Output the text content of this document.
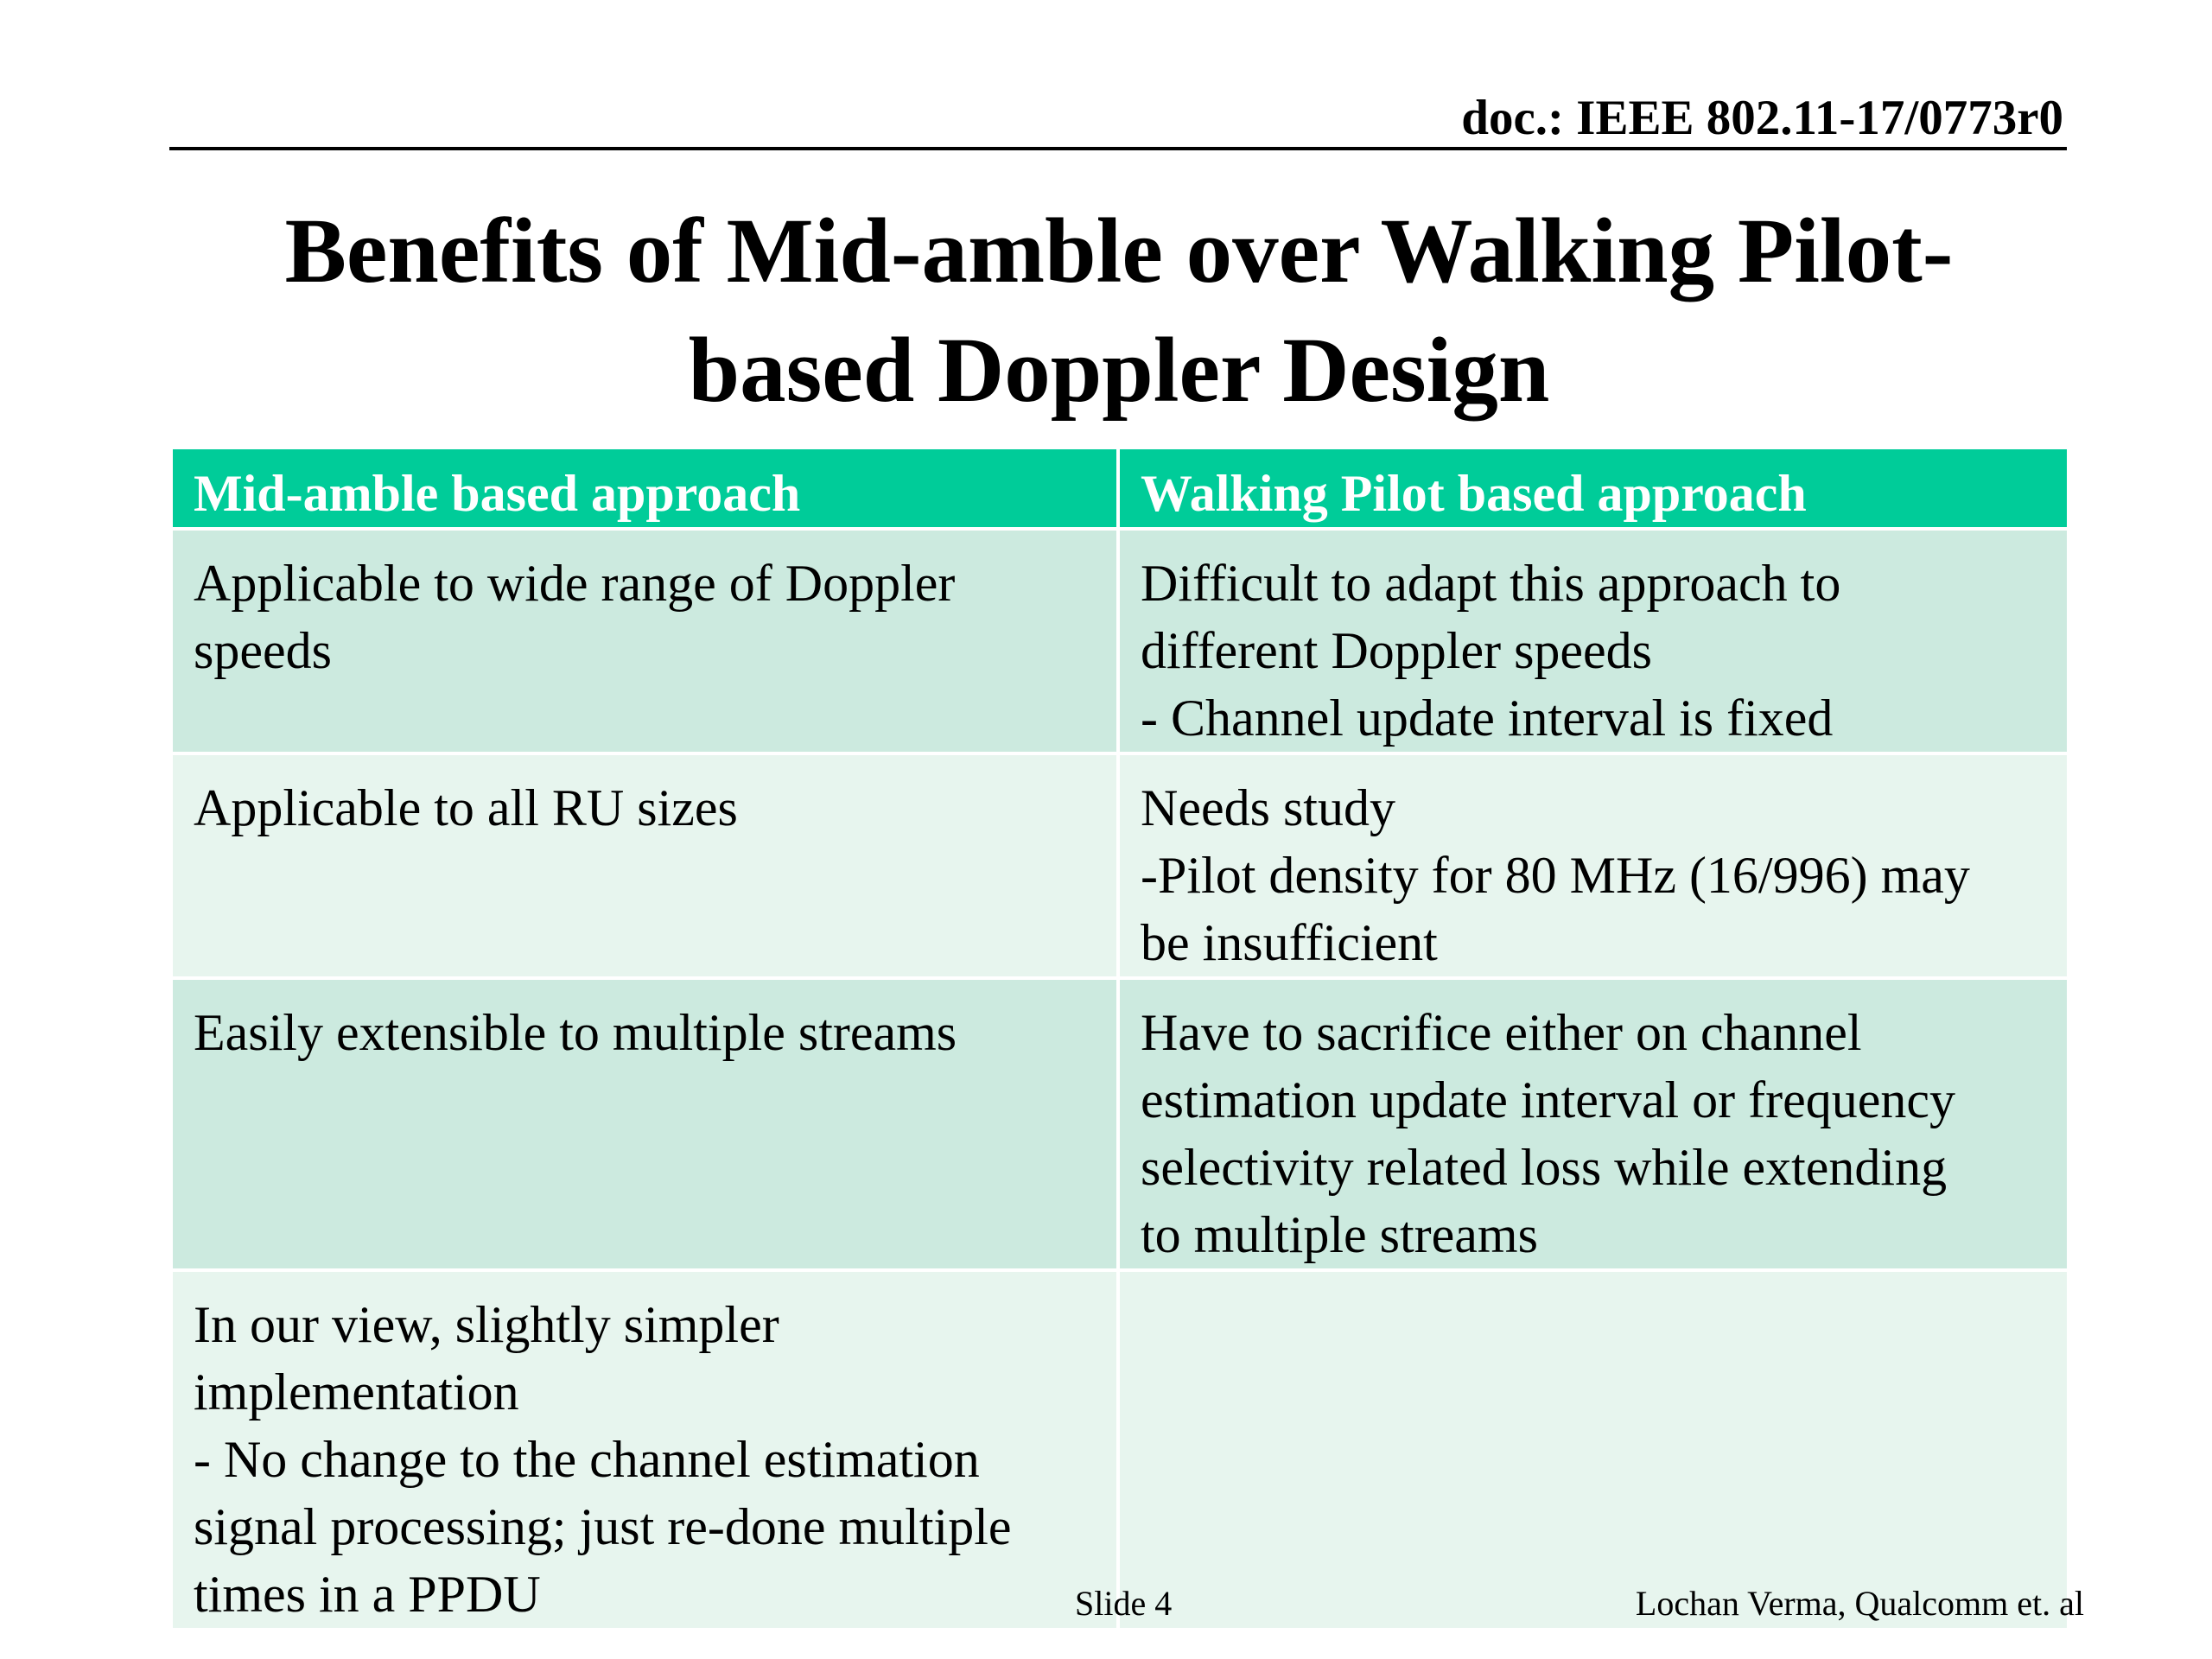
doc.: IEEE 802.11-17/0773r0
Benefits of Mid-amble over Walking Pilot-
based Doppler Design
Mid-amble based approach	Walking Pilot based approach

Applicable to wide range of Doppler
speeds	Difficult to adapt this approach to
different Doppler speeds
- Channel update interval is fixed

Applicable to all RU sizes	Needs study
-Pilot density for 80 MHz (16/996) may
be insufficient

Easily extensible to multiple streams	Have to sacrifice either on channel
estimation update interval or frequency
selectivity related loss while extending
to multiple streams

In our view, slightly simpler
implementation
- No change to the channel estimation
signal processing; just re-done multiple
times in a PPDU	
		Slide 4	Lochan Verma, Qualcomm et. al
